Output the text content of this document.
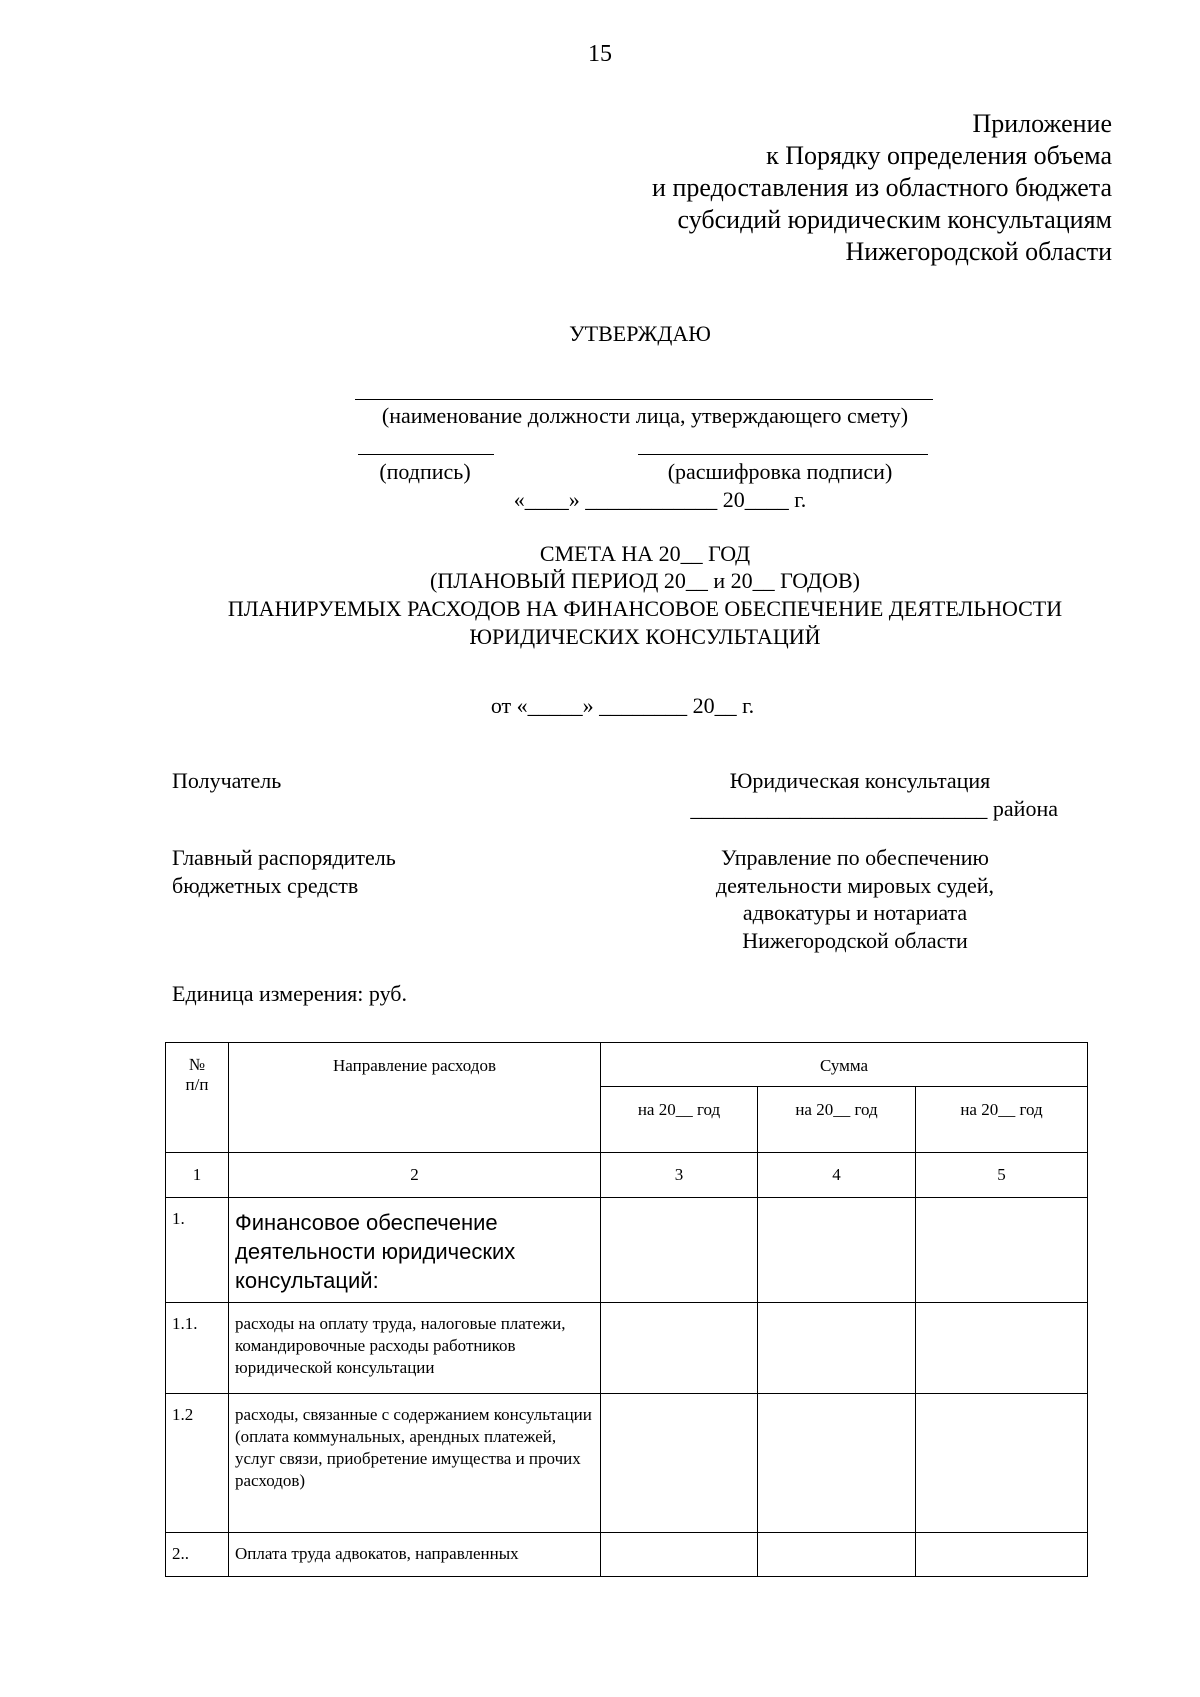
15
Приложение
к Порядку определения объема
и предоставления из областного бюджета
субсидий юридическим консультациям
Нижегородской области
УТВЕРЖДАЮ
(наименование должности лица, утверждающего смету)
(подпись)	(расшифровка подписи)
«____» ____________ 20____ г.
СМЕТА НА 20__ ГОД
(ПЛАНОВЫЙ ПЕРИОД 20__ и 20__ ГОДОВ)
ПЛАНИРУЕМЫХ РАСХОДОВ НА ФИНАНСОВОЕ ОБЕСПЕЧЕНИЕ ДЕЯТЕЛЬНОСТИ
ЮРИДИЧЕСКИХ КОНСУЛЬТАЦИЙ
от «_____» ________ 20__ г.
Получатель	Юридическая консультация
___________________________ района
Главный распорядитель
бюджетных средств
Управление по обеспечению
деятельности мировых судей,
адвокатуры и нотариата
Нижегородской области
Единица измерения: руб.
№ п/п	Направление расходов	Сумма		
		на 20__ год	на 20__ год	на 20__ год
1	2	3	4	5
1.	Финансовое обеспечение деятельности юридических консультаций:			
1.1.	расходы на оплату труда, налоговые платежи, командировочные расходы работников юридической консультации			
1.2	расходы, связанные с содержанием консультации (оплата коммунальных, арендных платежей, услуг связи, приобретение имущества и прочих расходов)			
2..	Оплата труда адвокатов, направленных			
